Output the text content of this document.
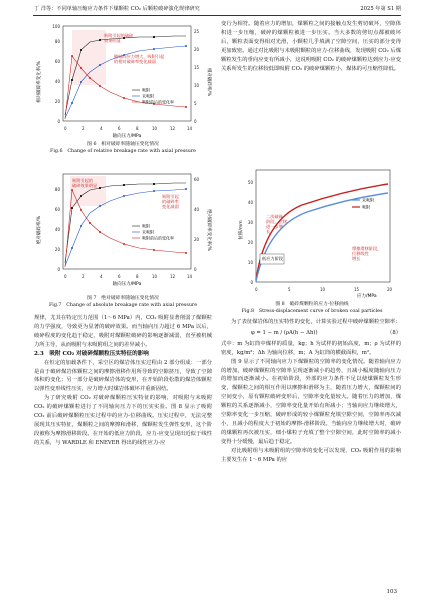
丁 洋等：不同单轴压缩应力条件下煤颗粒 CO₂ 后颗粒破碎演化规律研究	2025 年第 S1 期
相对破碎率变化率/%	相对破碎率/%
0
20
40
60
80
100
0
5
10
15
20
25
0	2	4	6	8	10	12	14
轴向压力/MPa
吸附引起的破碎效果明显
随轴向应力增大，吸附引起的相对破碎率变化减弱
吸附
未吸附
吸附前后的变化率
图 6　相对破碎率随轴压变化情况
Fig.6　Change of relative breakage rate with axial pressure
绝对破碎率/%	绝对破碎率变化率/%
0
20
40
60
80
0
20
40
60
0	2	4	6	8	10	12	14
轴向压力/MPa
吸附引起的破碎效果明显
吸附引起的破碎率变化减弱
吸附
未吸附
吸附前后的变化率
图 7　绝对破碎率随轴压变化情况
Fig.7　Change of absolute breakage rate with axial pressure

规律，尤其在特定压力范围（1～6 MPa）内，CO₂ 吸附显著削弱了煤颗粒的力学强度，导致更为显著的破碎效果。而当轴向压力超过 6 MPa 以后，破碎程度的变化趋于稳定，吸附对煤颗粒破碎的影响逐渐减弱，直至被机械力所主导，从而吸附与未吸附组之间的差异减小。

2.3　吸附 CO₂ 对破碎煤颗粒压实特征的影响

在恒定的加载条件下，采空区的煤岩体压实过程由 2 部分组成：一部分是由于破碎煤岩体颗粒之间的摩擦滑移作用所导致的空隙挤压，导致了空隙体积的变化；另一部分是破碎煤岩体的变形，在开始阶段松散的煤岩体颗粒以弹性变形线性压实，应力增大时煤岩体破坏并重新固结。

为了研究吸附 CO₂ 对破碎煤颗粒压实特征的影响，对吸附与未吸附 CO₂ 的破碎煤颗粒进行了不同轴向压力下的压实实验。图 8 显示了吸附 CO₂ 前后破碎煤颗粒压实过程中的应力-位移曲线。压实过程中，无法完整展现其压实特征，煤颗粒之间的摩擦和滑移，煤颗粒发生弹性变形，这个阶段被称为摩擦滑移阶段。在开始的低应力阶段，应力-应变呈现出近似于线性的关系，与 WARDLE 和 ENEVER 得出的线性应力-应

变行为相符。随着应力的增加，煤颗粒之间的接触点发生剪切破坏，空隙体积进一步压缩，破碎的煤颗粒被进一步压实。当大多数的剪切点都被破坏后，颗粒表面变得相对光滑，小颗粒几乎填满了空隙空间，压实的部分变得更加致密。通过对比吸附与未吸附颗粒的应力-位移曲线，发现吸附 CO₂ 后煤颗粒发生的垂向应变有所减小，这说明吸附 CO₂ 的破碎煤颗粒达到应力-应变关系所发生的位移较低即吸附 CO₂ 的破碎煤颗粒小，煤体的可压缩性降低。

位移/mm
0
10
20
30
40
50
0	5	10	15	20
应力/MPa
二次破碎阶段，位移进一步增长
低应力阶段
摩擦滑移阶段，位移线性增长
未吸附
吸附
图 8　破碎煤颗粒的应力-位移曲线
Fig.8　Stress-displacement curve of broken coal particles

为了表征煤岩体的压实特性的变化，计算实验过程中破碎煤颗粒空隙率：

φ = 1 − m / (ρA(h − Δh))	（8）

式中：m 为缸筒中煤样的质量，kg；h 为试样的初始高度，m；ρ 为试样的密度，kg/m³；Δh 为轴向位移，m；A 为缸筒的横截面积，m²。

图 9 显示了不同轴向应力下煤颗粒的空隙率的变化情况。随着轴向应力的增加，破碎煤颗粒的空隙率呈现逐渐减小的趋势，且减小幅度随轴向压力的增加而逐渐减小。在初始阶段，外部的应力条件不足以使煤颗粒发生形变，煤颗粒之间的相互作用以摩擦和滑移为主，随着压力增大，煤颗粒间的空间变小，原有颗粒破碎变形后，空隙率变化量较大。随着压力的增加，煤颗粒的关系逐渐减小，空隙率变化量开始有所减小；当轴向应力继续增大，空隙率变化一步压缩，破碎形成的较小煤颗粒充填空隙空间，空隙率再次减小，且减小的程度大于初始的摩擦-滑移阶段。当轴向应力继续增大时，破碎的煤颗粒再次被压实，细小煤粒子充填了整个空隙空间，此时空隙率的减小变得十分缓慢，最后趋于稳定。

对比吸附组与未吸附组的空隙率的变化可以发现，CO₂ 吸附作用的影响主要发生在 1～6 MPa 的应

103
